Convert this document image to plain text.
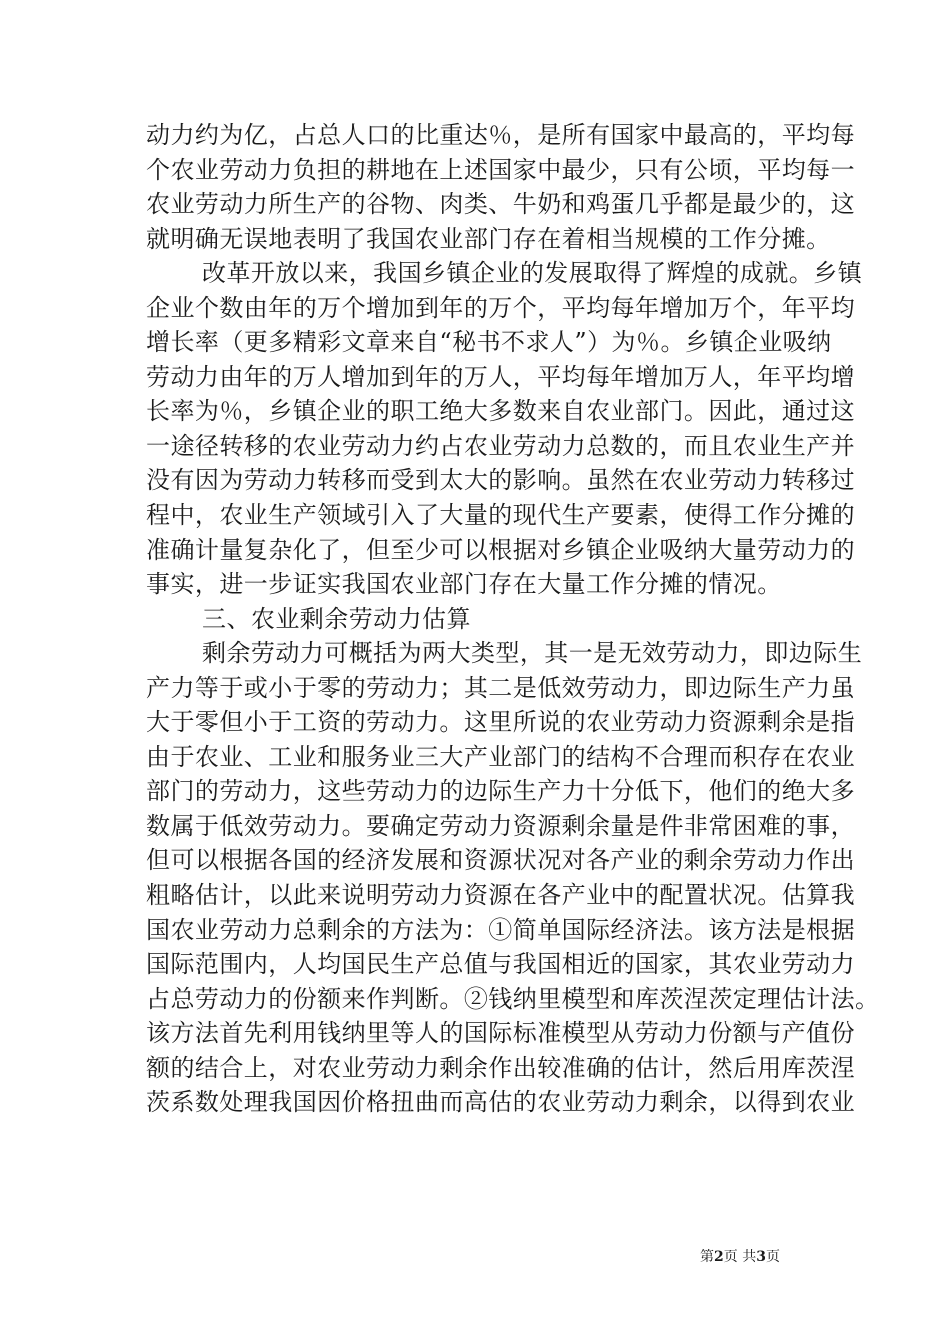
动力约为亿，占总人口的比重达％，是所有国家中最高的，平均每
个农业劳动力负担的耕地在上述国家中最少，只有公顷，平均每一
农业劳动力所生产的谷物、肉类、牛奶和鸡蛋几乎都是最少的，这
就明确无误地表明了我国农业部门存在着相当规模的工作分摊。
改革开放以来，我国乡镇企业的发展取得了辉煌的成就。乡镇
企业个数由年的万个增加到年的万个，平均每年增加万个，年平均
增长率（更多精彩文章来自“秘书不求人”）为％。乡镇企业吸纳
劳动力由年的万人增加到年的万人，平均每年增加万人，年平均增
长率为％，乡镇企业的职工绝大多数来自农业部门。因此，通过这
一途径转移的农业劳动力约占农业劳动力总数的，而且农业生产并
没有因为劳动力转移而受到太大的影响。虽然在农业劳动力转移过
程中，农业生产领域引入了大量的现代生产要素，使得工作分摊的
准确计量复杂化了，但至少可以根据对乡镇企业吸纳大量劳动力的
事实，进一步证实我国农业部门存在大量工作分摊的情况。
三、农业剩余劳动力估算
剩余劳动力可概括为两大类型，其一是无效劳动力，即边际生
产力等于或小于零的劳动力；其二是低效劳动力，即边际生产力虽
大于零但小于工资的劳动力。这里所说的农业劳动力资源剩余是指
由于农业、工业和服务业三大产业部门的结构不合理而积存在农业
部门的劳动力，这些劳动力的边际生产力十分低下，他们的绝大多
数属于低效劳动力。要确定劳动力资源剩余量是件非常困难的事，
但可以根据各国的经济发展和资源状况对各产业的剩余劳动力作出
粗略估计，以此来说明劳动力资源在各产业中的配置状况。估算我
国农业劳动力总剩余的方法为：①简单国际经济法。该方法是根据
国际范围内，人均国民生产总值与我国相近的国家，其农业劳动力
占总劳动力的份额来作判断。②钱纳里模型和库茨涅茨定理估计法。
该方法首先利用钱纳里等人的国际标准模型从劳动力份额与产值份
额的结合上，对农业劳动力剩余作出较准确的估计，然后用库茨涅
茨系数处理我国因价格扭曲而高估的农业劳动力剩余，以得到农业
第2页 共3页
